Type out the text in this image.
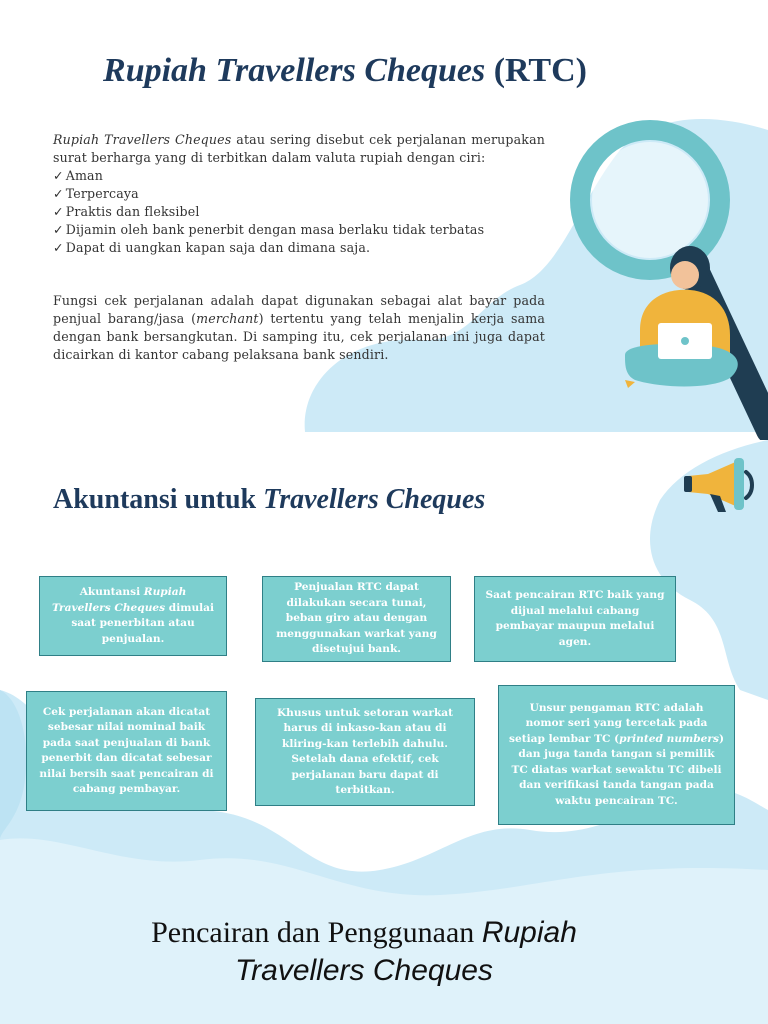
Rupiah Travellers Cheques (RTC)

Rupiah Travellers Cheques atau sering disebut cek perjalanan merupakan surat berharga yang di terbitkan dalam valuta rupiah dengan ciri:

✓ Aman
✓ Terpercaya
✓ Praktis dan fleksibel
✓ Dijamin oleh bank penerbit dengan masa berlaku tidak terbatas
✓ Dapat di uangkan kapan saja dan dimana saja.

Fungsi cek perjalanan adalah dapat digunakan sebagai alat bayar pada penjual barang/jasa (merchant) tertentu yang telah menjalin kerja sama dengan bank bersangkutan. Di samping itu, cek perjalanan ini juga dapat dicairkan di kantor cabang pelaksana bank sendiri.

Akuntansi untuk Travellers Cheques
Akuntansi Rupiah Travellers Cheques dimulai saat penerbitan atau penjualan.
Penjualan RTC dapat dilakukan secara tunai, beban giro atau dengan menggunakan warkat yang disetujui bank.
Saat pencairan RTC baik yang dijual melalui cabang pembayar maupun melalui agen.
Cek perjalanan akan dicatat sebesar nilai nominal baik pada saat penjualan di bank penerbit dan dicatat sebesar nilai bersih saat pencairan di cabang pembayar.
Khusus untuk setoran warkat harus di inkaso-kan atau di kliring-kan terlebih dahulu. Setelah dana efektif, cek perjalanan baru dapat di terbitkan.
Unsur pengaman RTC adalah nomor seri yang tercetak pada setiap lembar TC (printed numbers) dan juga tanda tangan si pemilik TC diatas warkat sewaktu TC dibeli dan verifikasi tanda tangan pada waktu pencairan TC.
Pencairan dan Penggunaan Rupiah
Travellers Cheques
